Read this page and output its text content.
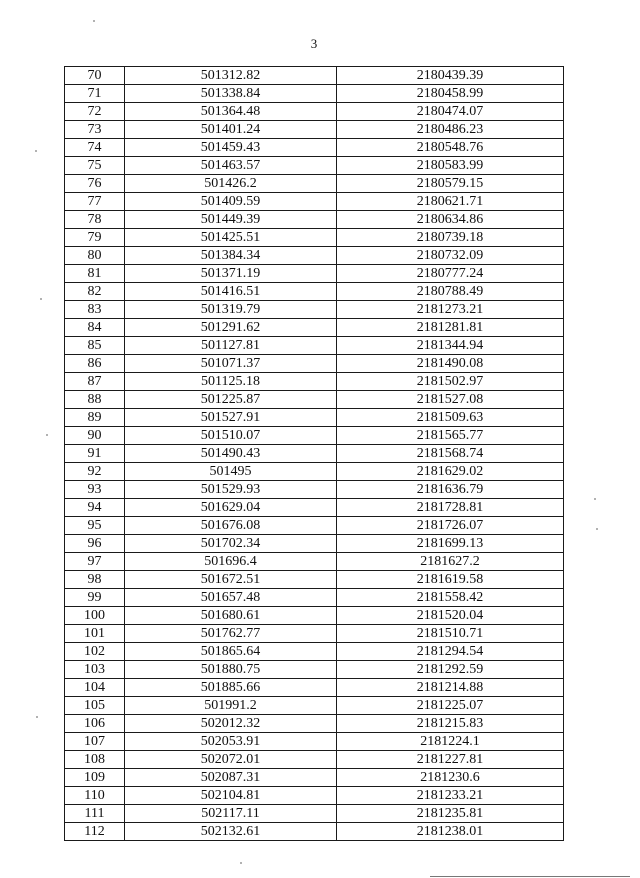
3
70	501312.82	2180439.39
71	501338.84	2180458.99
72	501364.48	2180474.07
73	501401.24	2180486.23
74	501459.43	2180548.76
75	501463.57	2180583.99
76	501426.2	2180579.15
77	501409.59	2180621.71
78	501449.39	2180634.86
79	501425.51	2180739.18
80	501384.34	2180732.09
81	501371.19	2180777.24
82	501416.51	2180788.49
83	501319.79	2181273.21
84	501291.62	2181281.81
85	501127.81	2181344.94
86	501071.37	2181490.08
87	501125.18	2181502.97
88	501225.87	2181527.08
89	501527.91	2181509.63
90	501510.07	2181565.77
91	501490.43	2181568.74
92	501495	2181629.02
93	501529.93	2181636.79
94	501629.04	2181728.81
95	501676.08	2181726.07
96	501702.34	2181699.13
97	501696.4	2181627.2
98	501672.51	2181619.58
99	501657.48	2181558.42
100	501680.61	2181520.04
101	501762.77	2181510.71
102	501865.64	2181294.54
103	501880.75	2181292.59
104	501885.66	2181214.88
105	501991.2	2181225.07
106	502012.32	2181215.83
107	502053.91	2181224.1
108	502072.01	2181227.81
109	502087.31	2181230.6
110	502104.81	2181233.21
111	502117.11	2181235.81
112	502132.61	2181238.01
